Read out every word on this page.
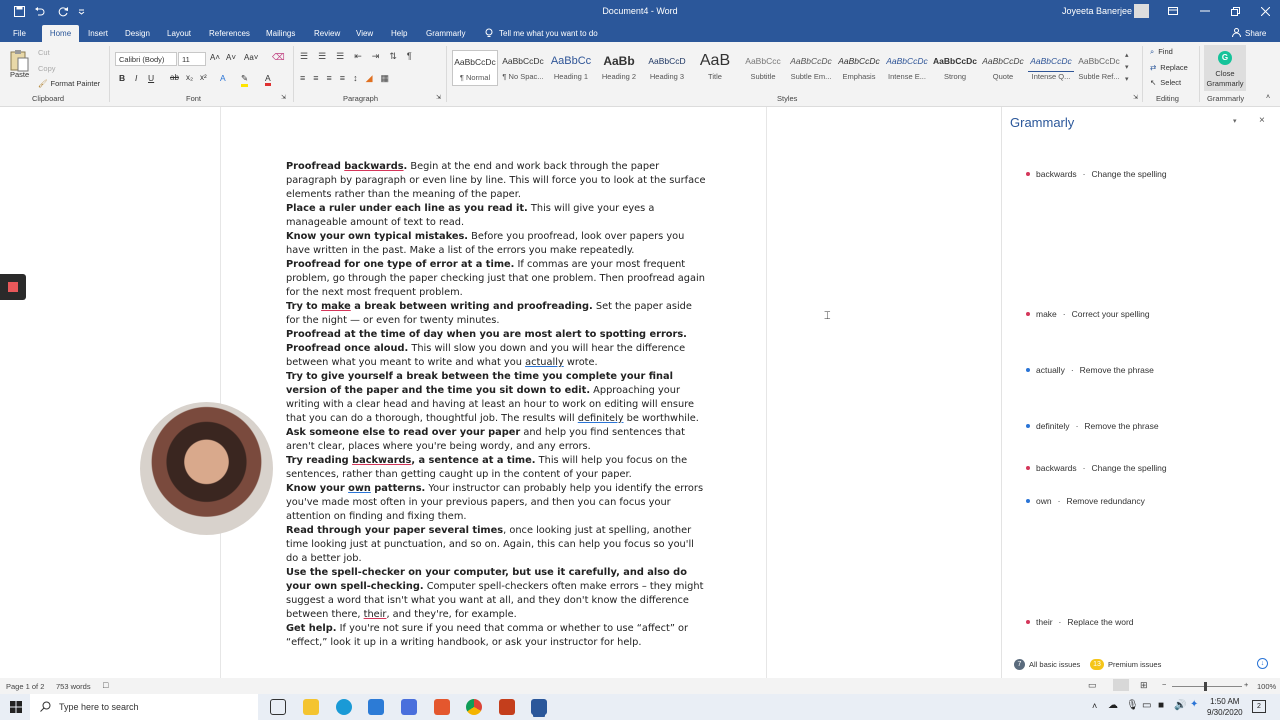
Document4 - Word	Joyeeta Banerjee
File	Home	Insert	Design	Layout	References	Mailings	Review	View	Help	Grammarly	Tell me what you want to do	Share
Paste
Cut
Copy
🖌 Format Painter
Clipboard
Calibri (Body)	11	A˄ A˅ Aa˅ ⌫
B I U ab x₂ x² A ✎ A
Font	⇲
☰ ☰ ☰ ⇤ ⇥ ⇅ ¶
≡ ≡ ≡ ≡ ↕ ◢ ▦
Paragraph	⇲
AaBbCcDc
¶ Normal
AaBbCcDc
¶ No Spac...
AaBbCc
Heading 1
AaBb
Heading 2
AaBbCcD
Heading 3
AaB
Title
AaBbCcc
Subtitle
AaBbCcDc
Subtle Em...
AaBbCcDc
Emphasis
AaBbCcDc
Intense E...
AaBbCcDc
Strong
AaBbCcDc
Quote
AaBbCcDc
Intense Q...
AaBbCcDc
Subtle Ref...
▴
▾
▾
Styles	⇲
⌕ Find
⇄ Replace
↖ Select
Editing
G
Close
Grammarly
Grammarly	˄

Proofread backwards. Begin at the end and work back through the paper paragraph by paragraph or even line by line. This will force you to look at the surface elements rather than the meaning of the paper.

Place a ruler under each line as you read it. This will give your eyes a manageable amount of text to read.

Know your own typical mistakes. Before you proofread, look over papers you have written in the past. Make a list of the errors you make repeatedly.

Proofread for one type of error at a time. If commas are your most frequent problem, go through the paper checking just that one problem. Then proofread again for the next most frequent problem.

Try to make a break between writing and proofreading. Set the paper aside for the night — or even for twenty minutes.

Proofread at the time of day when you are most alert to spotting errors.

Proofread once aloud. This will slow you down and you will hear the difference between what you meant to write and what you actually wrote.

Try to give yourself a break between the time you complete your final version of the paper and the time you sit down to edit. Approaching your writing with a clear head and having at least an hour to work on editing will ensure that you can do a thorough, thoughtful job. The results will definitely be worthwhile.

Ask someone else to read over your paper and help you find sentences that aren't clear, places where you're being wordy, and any errors.

Try reading backwards, a sentence at a time. This will help you focus on the sentences, rather than getting caught up in the content of your paper.

Know your own patterns. Your instructor can probably help you identify the errors you've made most often in your previous papers, and then you can focus your attention on finding and fixing them.

Read through your paper several times, once looking just at spelling, another time looking just at punctuation, and so on. Again, this can help you focus so you'll do a better job.

Use the spell-checker on your computer, but use it carefully, and also do your own spell-checking. Computer spell-checkers often make errors – they might suggest a word that isn't what you want at all, and they don't know the difference between there, their, and they're, for example.

Get help. If you're not sure if you need that comma or whether to use “affect” or “effect,” look it up in a writing handbook, or ask your instructor for help.

⌶
Grammarly	▾ ×
backwards · Change the spelling
make · Correct your spelling
actually · Remove the phrase
definitely · Remove the phrase
backwards · Change the spelling
own · Remove redundancy
their · Replace the word
7	All basic issues	13 Premium issues	↓
Page 1 of 2 753 words □	▭	⊞ −	+ 100%
Type here to search	˄ ☁ 🎙 ▭ ■ 🔊 ✦	1:50 AM
9/30/2020
2
